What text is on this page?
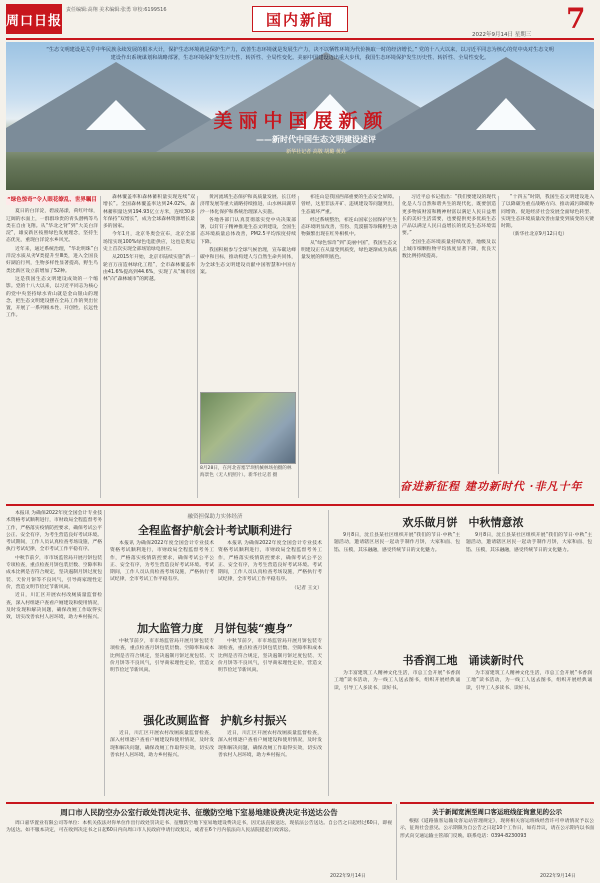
周口日报
责任编辑:高翔 美术编辑:张勇 审校:6199516
国内新闻	7
2022年9月14日 星期三
“生态文明建设是关乎中华民族永续发展的根本大计，保护生态环境就是保护生产力，改善生态环境就是发展生产力，决不以牺牲环境为代价换取一时的经济增长。” 党的十八大以来，以习近平同志为核心的党中央对生态文明建设作出系统谋划和战略部署，生态环境保护发生历史性、转折性、全局性变化。美丽中国建设迈出重大步伐，我国生态环境保护发生历史性、转折性、全局性变化。
美丽中国展新颜
——新时代中国生态文明建设述评
新华社记者 高敬 胡璐 黄垚
“绿色惊奇”令人眼花缭乱、世界瞩目

夏日的白洋淀，碧波荡漾，荷红叶绿，辽阔的水面上，一群群珍贵的青头潜鸭等鸟类在自由飞翔。从“华北之肾”到“大美白洋淀”，雄安新区按照绿色发展理念，坚持生态优先，重现白洋淀水乡风光。

近年来，通过系统治理，“华北明珠”白洋淀水质从劣Ⅴ类提升至Ⅲ类，进入全国良好湖泊行列，生物多样性显著提高，野生鸟类比新区设立前增加了52种。

这是我国生态文明建设成效的一个缩影。党的十八大以来，以习近平同志为核心的党中央坚持绿水青山就是金山银山的理念，把生态文明建设摆在全局工作的突出位置，开展了一系列根本性、开创性、长远性工作。

森林覆盖率和森林蓄积量实现连续“双增长”。全国森林覆盖率达到24.02%，森林蓄积量达到194.93亿立方米，连续30多年保持“双增长”，成为全球森林资源增长最多的国家。

今年1月，北京冬奥会宣布，北京全部场馆实现100%绿色电能供应，这也是奥运史上首次实现全部场馆绿电供应。

从2015年开始，北京市陆续实施“新一轮百万亩造林绿化工程”，全市森林覆盖率由41.6%提高到44.6%，实现了从“城市园林”向“森林城市”的跨越。

黄河流域生态保护和高质量发展、长江经济带发展等重大战略持续推进，山水林田湖草沙一体化保护和系统治理深入实施。

各地各部门认真贯彻落实党中央决策部署，以钉钉子精神推进生态文明建设，全国生态环境质量总体改善，PM2.5平均浓度持续下降。

我国积极参与全球气候治理，宣布碳达峰碳中和目标，推动构建人与自然生命共同体，为全球生态文明建设贡献中国智慧和中国方案。

8月28日，在河北省塞罕坝机械林场拍摄的林海景色（无人机照片）。新华社记者 摄

祁连山是我国西部重要的生态安全屏障。曾经，这里非法开矿、违规建设等问题突出，生态破坏严重。

经过系统整治，祁连山国家公园保护区生态环境明显改善，雪豹、荒漠猫等珍稀野生动物频繁出现在红外相机中。

从“绿色惊奇”到“美丽中国”，我国生态文明建设正在从量变到质变，绿色逐渐成为高质量发展的鲜明底色。

习近平总书记指出：“我们要建设的现代化是人与自然和谐共生的现代化，既要创造更多物质财富和精神财富以满足人民日益增长的美好生活需要，也要提供更多优质生态产品以满足人民日益增长的优美生态环境需要。”

全国生态环境质量持续改善，地级及以上城市细颗粒物平均浓度显著下降，优良天数比例持续提高。

“十四五”时期，我国生态文明建设进入了以降碳为重点战略方向、推动减污降碳协同增效、促进经济社会发展全面绿色转型、实现生态环境质量改善由量变到质变的关键时期。

（新华社北京9月12日电）

奋进新征程 建功新时代 ·非凡十年

本报讯 为确保2022年度全国会计专业技术资格考试顺利进行，市财政局全程监督考务工作，严格落实疫情防控要求，确保考试公平公正、安全有序，为考生营造良好考试环境。考试期间，工作人员认真检查考场设施，严格执行考试纪律，全市考试工作平稳有序。

中秋节前夕，市市场监管局开展月饼包装专项检查，重点检查月饼包装层数、空隙率和成本比例是否符合规定，坚决遏制月饼过度包装、天价月饼等不良风气，引导商家理性定价，营造文明节俭过节新风尚。

近日，川汇区开展农村改厕质量监督检查，深入村组逐户查看户厕建设和使用情况，及时发现和解决问题，确保改厕工作取得实效，切实改善农村人居环境，助力乡村振兴。

融资担保助力实体经济
全程监督护航会计考试顺利进行

本报讯 为确保2022年度全国会计专业技术资格考试顺利进行，市财政局全程监督考务工作，严格落实疫情防控要求，确保考试公平公正、安全有序，为考生营造良好考试环境。考试期间，工作人员认真检查考场设施，严格执行考试纪律，全市考试工作平稳有序。

本报讯 为确保2022年度全国会计专业技术资格考试顺利进行，市财政局全程监督考务工作，严格落实疫情防控要求，确保考试公平公正、安全有序，为考生营造良好考试环境。考试期间，工作人员认真检查考场设施，严格执行考试纪律，全市考试工作平稳有序。

（记者 王文）
加大监管力度　月饼包装“瘦身”

中秋节前夕，市市场监管局开展月饼包装专项检查，重点检查月饼包装层数、空隙率和成本比例是否符合规定，坚决遏制月饼过度包装、天价月饼等不良风气，引导商家理性定价，营造文明节俭过节新风尚。

中秋节前夕，市市场监管局开展月饼包装专项检查，重点检查月饼包装层数、空隙率和成本比例是否符合规定，坚决遏制月饼过度包装、天价月饼等不良风气，引导商家理性定价，营造文明节俭过节新风尚。

强化改厕监督　护航乡村振兴

近日，川汇区开展农村改厕质量监督检查，深入村组逐户查看户厕建设和使用情况，及时发现和解决问题，确保改厕工作取得实效，切实改善农村人居环境，助力乡村振兴。

近日，川汇区开展农村改厕质量监督检查，深入村组逐户查看户厕建设和使用情况，及时发现和解决问题，确保改厕工作取得实效，切实改善农村人居环境，助力乡村振兴。

欢乐做月饼　中秋情意浓

9月8日，沈丘县某社区组织开展“我们的节日·中秋”主题活动，邀请辖区居民一起动手制作月饼，大家和面、包馅、压模，其乐融融，感受传统节日的文化魅力。

9月8日，沈丘县某社区组织开展“我们的节日·中秋”主题活动，邀请辖区居民一起动手制作月饼，大家和面、包馅、压模，其乐融融，感受传统节日的文化魅力。

书香润工地　诵读新时代

为丰富建筑工人精神文化生活，市总工会开展“书香润工地”读书活动，为一线工人送去图书，组织开展经典诵读，引导工人多读书、读好书。

为丰富建筑工人精神文化生活，市总工会开展“书香润工地”读书活动，为一线工人送去图书，组织开展经典诵读，引导工人多读书、读好书。

周口市人民防空办公室行政处罚决定书、征缴防空地下室易地建设费决定书送达公告

周口嘉华置业有限公司等单位：本机关依法对你单位作出行政处罚决定书、征缴防空地下室易地建设费决定书，因无法直接送达，现依法公告送达。自公告之日起经过60日，即视为送达。如不服本决定，可在收到决定书之日起60日内向周口市人民政府申请行政复议，或者在6个月内依法向人民法院提起行政诉讼。

2022年9月14日
关于新闻宽洲至周口客运班线征询意见的公示

根据《道路旅客运输及客运站管理规定》，现将相关客运班线经营许可申请情况予以公示，征询社会意见。公示期限为自公告之日起10个工作日，如有异议，请在公示期内以书面形式向交通运输主管部门反映。联系电话：0394-8230093

2022年9月14日
